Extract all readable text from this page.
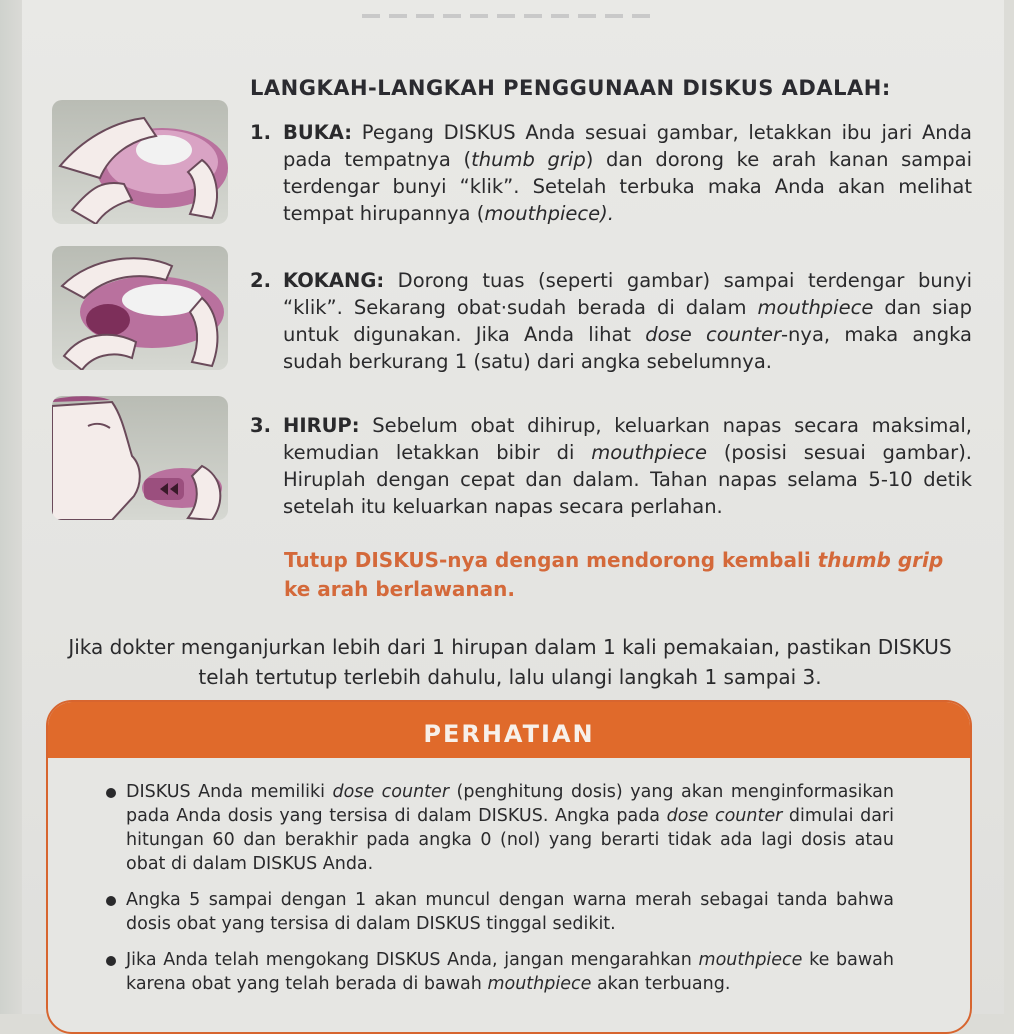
LANGKAH-LANGKAH PENGGUNAAN DISKUS ADALAH:
1. BUKA: Pegang DISKUS Anda sesuai gambar, letakkan ibu jari Anda pada tempatnya (thumb grip) dan dorong ke arah kanan sampai terdengar bunyi “klik”. Setelah terbuka maka Anda akan melihat tempat hirupannya (mouthpiece).
2. KOKANG: Dorong tuas (seperti gambar) sampai terdengar bunyi “klik”. Sekarang obat·sudah berada di dalam mouthpiece dan siap untuk digunakan. Jika Anda lihat dose counter-nya, maka angka sudah berkurang 1 (satu) dari angka sebelumnya.
3. HIRUP: Sebelum obat dihirup, keluarkan napas secara maksimal, kemudian letakkan bibir di mouthpiece (posisi sesuai gambar). Hiruplah dengan cepat dan dalam. Tahan napas selama 5-10 detik setelah itu keluarkan napas secara perlahan.
Tutup DISKUS-nya dengan mendorong kembali thumb grip ke arah berlawanan.
Jika dokter menganjurkan lebih dari 1 hirupan dalam 1 kali pemakaian, pastikan DISKUS telah tertutup terlebih dahulu, lalu ulangi langkah 1 sampai 3.
PERHATIAN
DISKUS Anda memiliki dose counter (penghitung dosis) yang akan menginformasikan pada Anda dosis yang tersisa di dalam DISKUS. Angka pada dose counter dimulai dari hitungan 60 dan berakhir pada angka 0 (nol) yang berarti tidak ada lagi dosis atau obat di dalam DISKUS Anda.
Angka 5 sampai dengan 1 akan muncul dengan warna merah sebagai tanda bahwa dosis obat yang tersisa di dalam DISKUS tinggal sedikit.
Jika Anda telah mengokang DISKUS Anda, jangan mengarahkan mouthpiece ke bawah karena obat yang telah berada di bawah mouthpiece akan terbuang.
